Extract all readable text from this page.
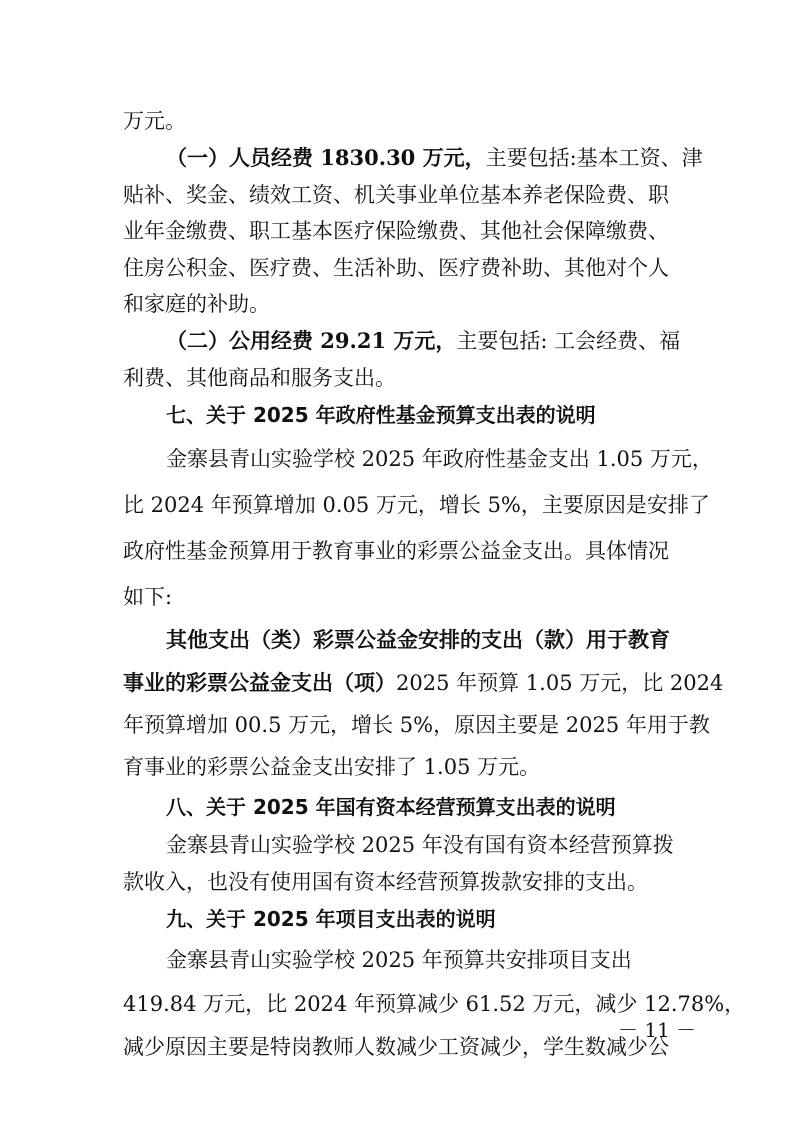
万元。
（一）人员经费 1830.30 万元，主要包括:基本工资、津
贴补、奖金、绩效工资、机关事业单位基本养老保险费、职
业年金缴费、职工基本医疗保险缴费、其他社会保障缴费、
住房公积金、医疗费、生活补助、医疗费补助、其他对个人
和家庭的补助。
（二）公用经费 29.21 万元，主要包括: 工会经费、福
利费、其他商品和服务支出。
七、关于 2025 年政府性基金预算支出表的说明
金寨县青山实验学校 2025 年政府性基金支出 1.05 万元，
比 2024 年预算增加 0.05 万元，增长 5%，主要原因是安排了
政府性基金预算用于教育事业的彩票公益金支出。具体情况
如下:
其他支出（类）彩票公益金安排的支出（款）用于教育
事业的彩票公益金支出（项）2025 年预算 1.05 万元，比 2024
年预算增加 00.5 万元，增长 5%，原因主要是 2025 年用于教
育事业的彩票公益金支出安排了 1.05 万元。
八、关于 2025 年国有资本经营预算支出表的说明
金寨县青山实验学校 2025 年没有国有资本经营预算拨
款收入，也没有使用国有资本经营预算拨款安排的支出。
九、关于 2025 年项目支出表的说明
金寨县青山实验学校 2025 年预算共安排项目支出
419.84 万元，比 2024 年预算减少 61.52 万元，减少 12.78%，
减少原因主要是特岗教师人数减少工资减少，学生数减少公
－ 11 －
